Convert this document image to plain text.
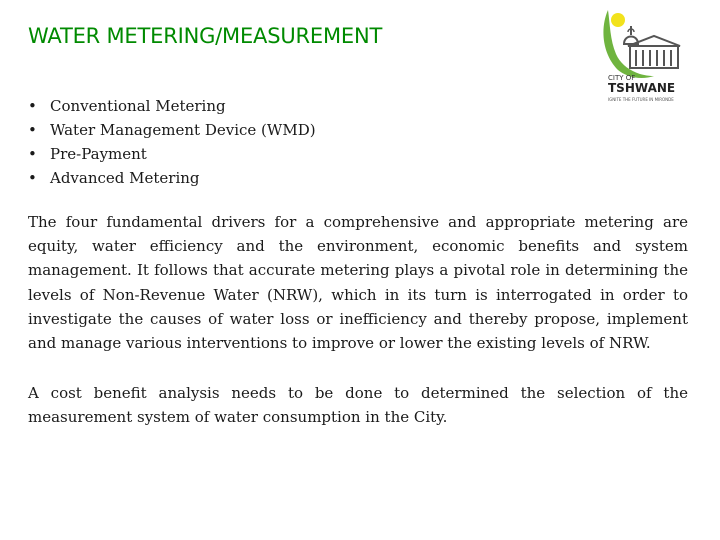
WATER METERING/MEASUREMENT
CITY OF
TSHWANE
IGNITE THE FUTURE IN MIRONDE
• Conventional Metering
• Water Management Device (WMD)
• Pre-Payment
• Advanced Metering

The four fundamental drivers for a comprehensive and appropriate metering are equity, water efficiency and the environment, economic benefits and system management. It follows that accurate metering plays a pivotal role in determining the levels of Non-Revenue Water (NRW), which in its turn is interrogated in order to investigate the causes of water loss or inefficiency and thereby propose, implement and manage various interventions to improve or lower the existing levels of NRW.

A cost benefit analysis needs to be done to determined the selection of the measurement system of water consumption in the City.
